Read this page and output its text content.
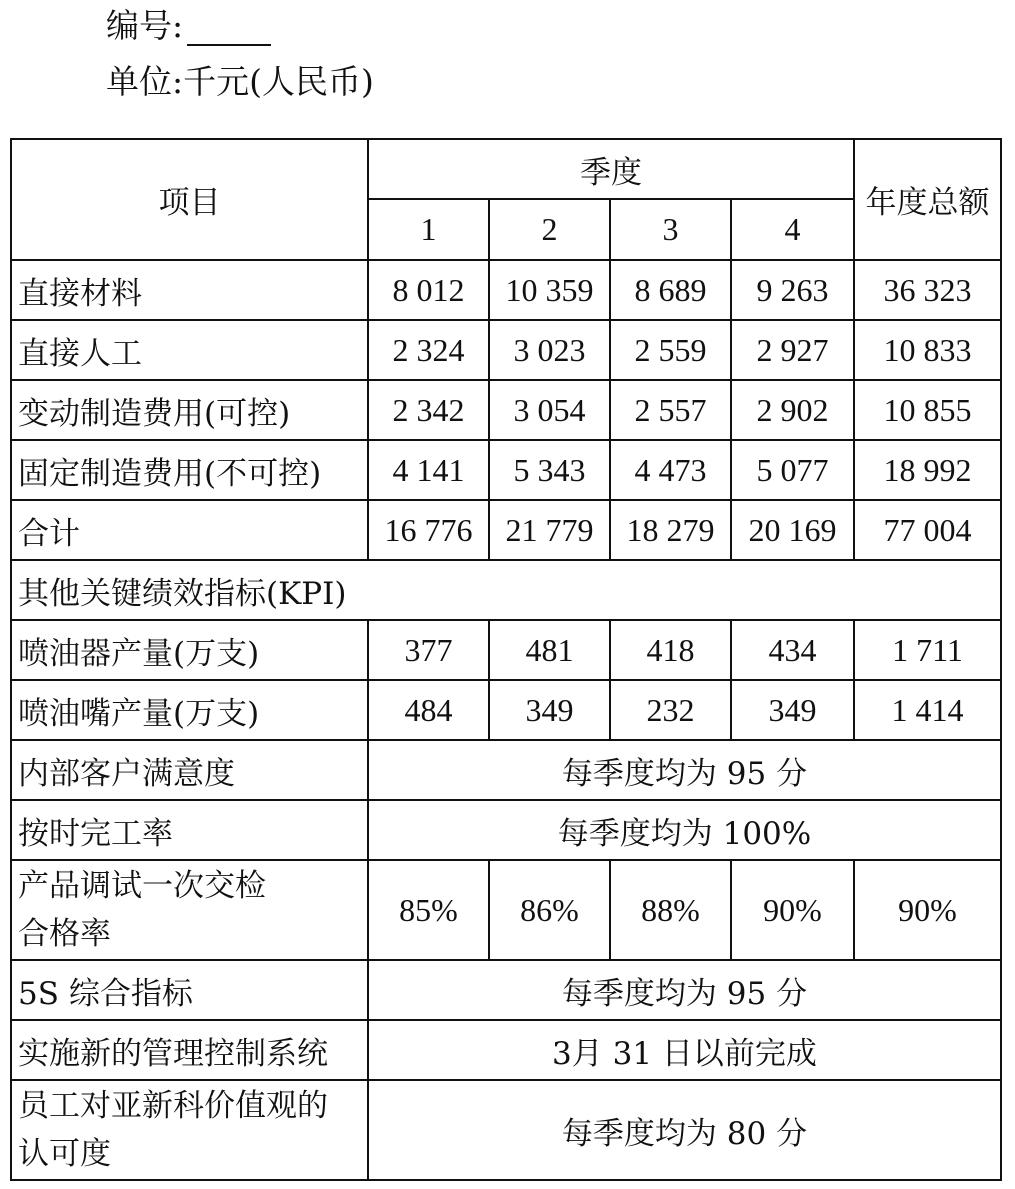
编号:
单位:千元(人民币)
项目	季度				年度总额
	1	2	3	4	
直接材料	8 012	10 359	8 689	9 263	36 323
直接人工	2 324	3 023	2 559	2 927	10 833
变动制造费用(可控)	2 342	3 054	2 557	2 902	10 855
固定制造费用(不可控)	4 141	5 343	4 473	5 077	18 992
合计	16 776	21 779	18 279	20 169	77 004
其他关键绩效指标(KPI)					
喷油器产量(万支)	377	481	418	434	1 711
喷油嘴产量(万支)	484	349	232	349	1 414
内部客户满意度	每季度均为 95 分				
按时完工率	每季度均为 100%				
产品调试一次交检
合格率	85%	86%	88%	90%	90%
5S 综合指标	每季度均为 95 分				
实施新的管理控制系统	3月 31 日以前完成				
员工对亚新科价值观的
认可度	每季度均为 80 分				
